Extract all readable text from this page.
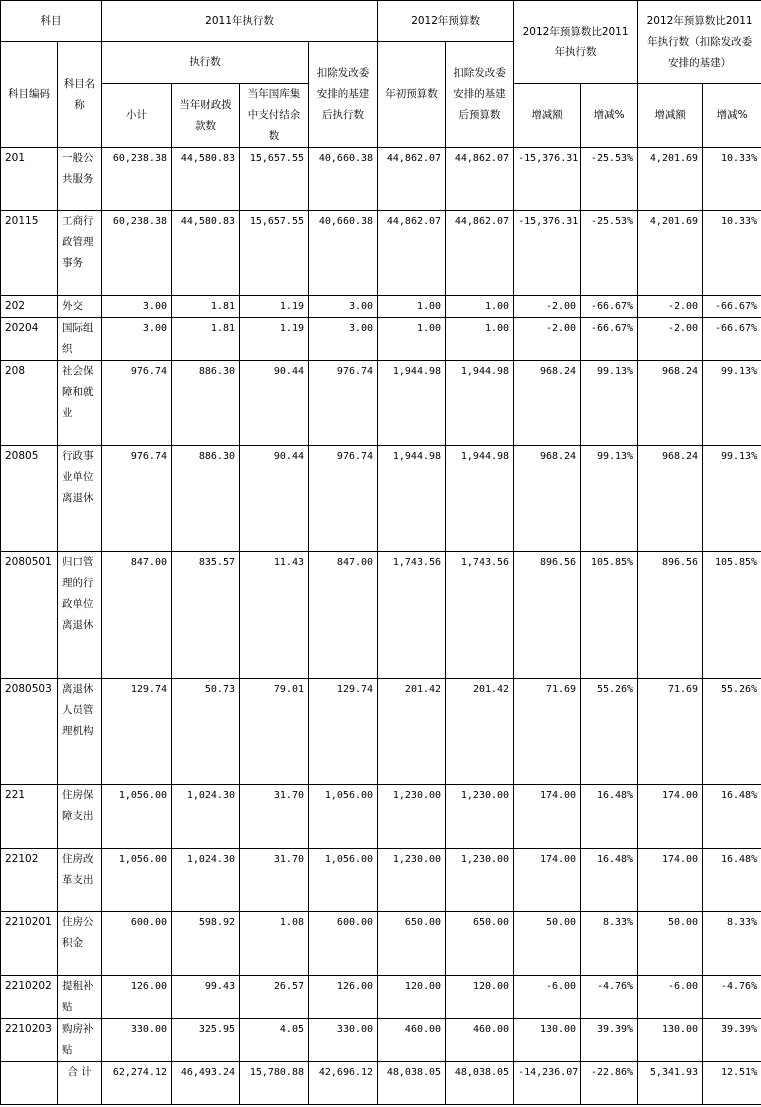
科目		2011年执行数				2012年预算数		2012年预算数比2011年执行数		2012年预算数比2011年执行数（扣除发改委安排的基建）	
科目编码	科目名称	执行数			扣除发改委安排的基建后执行数	年初预算数	扣除发改委安排的基建后预算数				
		小计	当年财政拨款数	当年国库集中支付结余数				增减额	增减%	增减额	增减%
201	一般公共服务	60,238.38	44,580.83	15,657.55	40,660.38	44,862.07	44,862.07	-15,376.31	-25.53%	4,201.69	10.33%
20115	工商行政管理事务	60,238.38	44,580.83	15,657.55	40,660.38	44,862.07	44,862.07	-15,376.31	-25.53%	4,201.69	10.33%
202	外交	3.00	1.81	1.19	3.00	1.00	1.00	-2.00	-66.67%	-2.00	-66.67%
20204	国际组织	3.00	1.81	1.19	3.00	1.00	1.00	-2.00	-66.67%	-2.00	-66.67%
208	社会保障和就业	976.74	886.30	90.44	976.74	1,944.98	1,944.98	968.24	99.13%	968.24	99.13%
20805	行政事业单位离退休	976.74	886.30	90.44	976.74	1,944.98	1,944.98	968.24	99.13%	968.24	99.13%
2080501	归口管理的行政单位离退休	847.00	835.57	11.43	847.00	1,743.56	1,743.56	896.56	105.85%	896.56	105.85%
2080503	离退休人员管理机构	129.74	50.73	79.01	129.74	201.42	201.42	71.69	55.26%	71.69	55.26%
221	住房保障支出	1,056.00	1,024.30	31.70	1,056.00	1,230.00	1,230.00	174.00	16.48%	174.00	16.48%
22102	住房改革支出	1,056.00	1,024.30	31.70	1,056.00	1,230.00	1,230.00	174.00	16.48%	174.00	16.48%
2210201	住房公积金	600.00	598.92	1.08	600.00	650.00	650.00	50.00	8.33%	50.00	8.33%
2210202	提租补贴	126.00	99.43	26.57	126.00	120.00	120.00	-6.00	-4.76%	-6.00	-4.76%
2210203	购房补贴	330.00	325.95	4.05	330.00	460.00	460.00	130.00	39.39%	130.00	39.39%
	合 计	62,274.12	46,493.24	15,780.88	42,696.12	48,038.05	48,038.05	-14,236.07	-22.86%	5,341.93	12.51%
